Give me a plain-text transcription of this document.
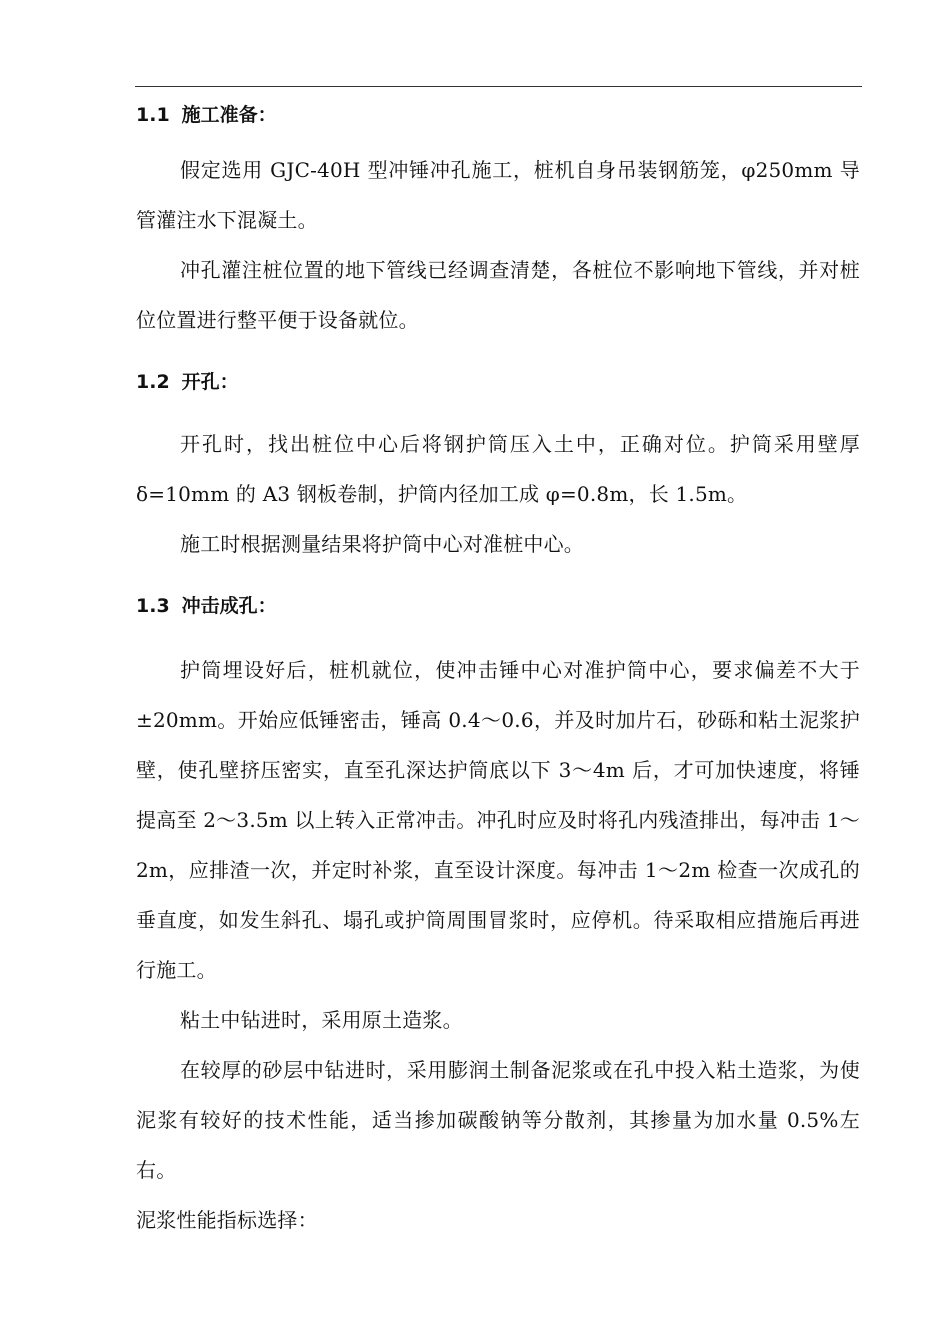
1.1 施工准备：

假定选用 GJC-40H 型冲锤冲孔施工，桩机自身吊装钢筋笼，φ250mm 导管灌注水下混凝土。

冲孔灌注桩位置的地下管线已经调查清楚，各桩位不影响地下管线，并对桩位位置进行整平便于设备就位。

1.2 开孔：

开孔时，找出桩位中心后将钢护筒压入土中，正确对位。护筒采用壁厚 δ=10mm 的 A3 钢板卷制，护筒内径加工成 φ=0.8m，长 1.5m。

施工时根据测量结果将护筒中心对准桩中心。

1.3 冲击成孔：

护筒埋设好后，桩机就位，使冲击锤中心对准护筒中心，要求偏差不大于±20mm。开始应低锤密击，锤高 0.4～0.6，并及时加片石，砂砾和粘土泥浆护壁，使孔壁挤压密实，直至孔深达护筒底以下 3～4m 后，才可加快速度，将锤提高至 2～3.5m 以上转入正常冲击。冲孔时应及时将孔内残渣排出，每冲击 1～2m，应排渣一次，并定时补浆，直至设计深度。每冲击 1～2m 检查一次成孔的垂直度，如发生斜孔、塌孔或护筒周围冒浆时，应停机。待采取相应措施后再进行施工。

粘土中钻进时，采用原土造浆。

在较厚的砂层中钻进时，采用膨润土制备泥浆或在孔中投入粘土造浆，为使泥浆有较好的技术性能，适当掺加碳酸钠等分散剂，其掺量为加水量 0.5%左右。

泥浆性能指标选择：
